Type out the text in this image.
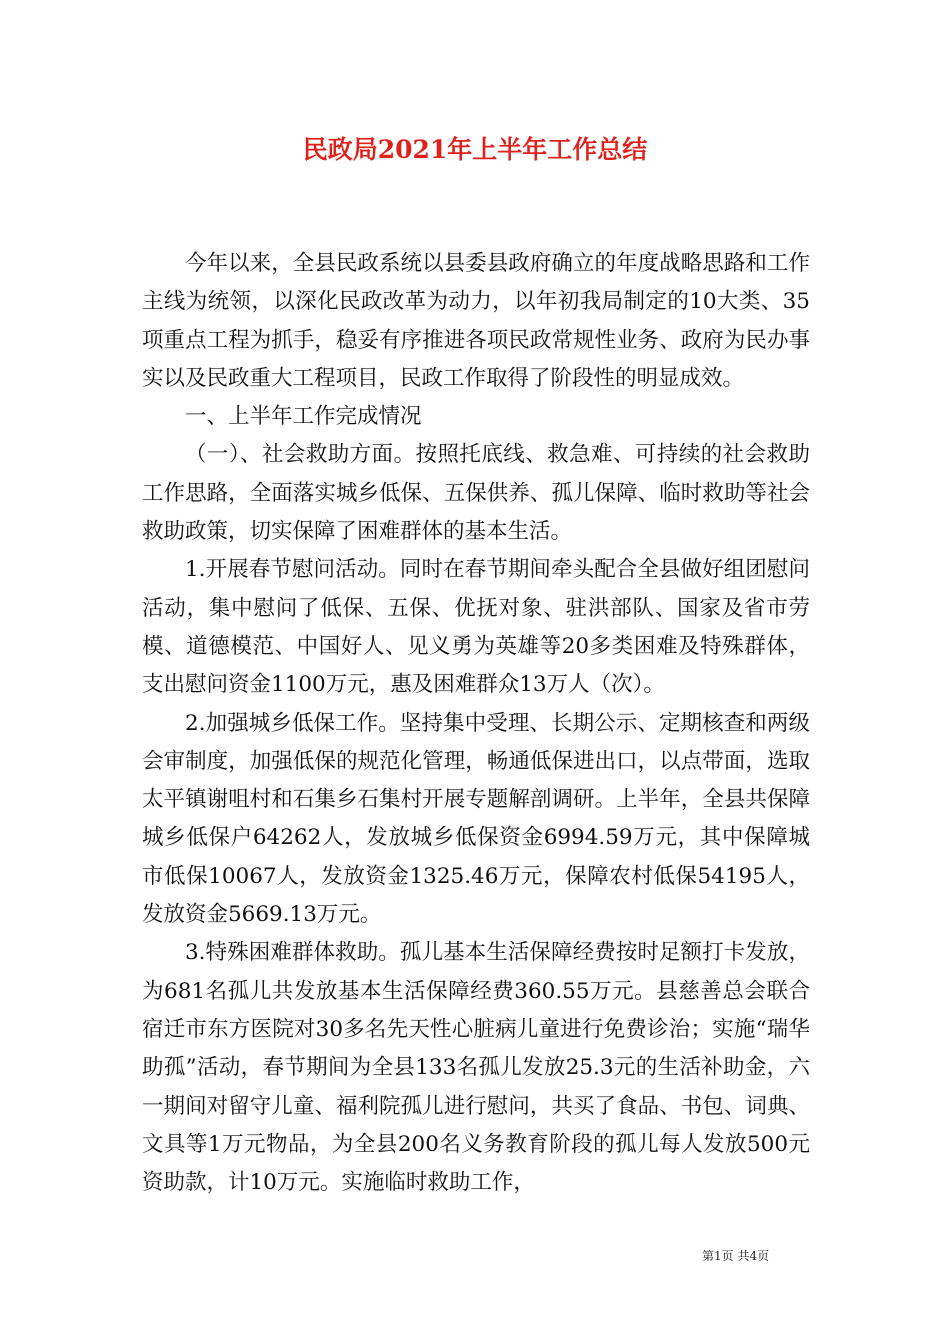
民政局2021年上半年工作总结

今年以来，全县民政系统以县委县政府确立的年度战略思路和工作主线为统领，以深化民政改革为动力，以年初我局制定的10大类、35项重点工程为抓手，稳妥有序推进各项民政常规性业务、政府为民办事实以及民政重大工程项目，民政工作取得了阶段性的明显成效。

一、上半年工作完成情况

（一）、社会救助方面。按照托底线、救急难、可持续的社会救助工作思路，全面落实城乡低保、五保供养、孤儿保障、临时救助等社会救助政策，切实保障了困难群体的基本生活。

1.开展春节慰问活动。同时在春节期间牵头配合全县做好组团慰问活动，集中慰问了低保、五保、优抚对象、驻洪部队、国家及省市劳模、道德模范、中国好人、见义勇为英雄等20多类困难及特殊群体，支出慰问资金1100万元，惠及困难群众13万人（次）。

2.加强城乡低保工作。坚持集中受理、长期公示、定期核查和两级会审制度，加强低保的规范化管理，畅通低保进出口，以点带面，选取太平镇谢咀村和石集乡石集村开展专题解剖调研。上半年，全县共保障城乡低保户64262人，发放城乡低保资金6994.59万元，其中保障城市低保10067人，发放资金1325.46万元，保障农村低保54195人，发放资金5669.13万元。

3.特殊困难群体救助。孤儿基本生活保障经费按时足额打卡发放，为681名孤儿共发放基本生活保障经费360.55万元。县慈善总会联合宿迁市东方医院对30多名先天性心脏病儿童进行免费诊治；实施“瑞华助孤”活动，春节期间为全县133名孤儿发放25.3元的生活补助金，六一期间对留守儿童、福利院孤儿进行慰问，共买了食品、书包、词典、文具等1万元物品，为全县200名义务教育阶段的孤儿每人发放500元资助款，计10万元。实施临时救助工作，

第1页 共4页
